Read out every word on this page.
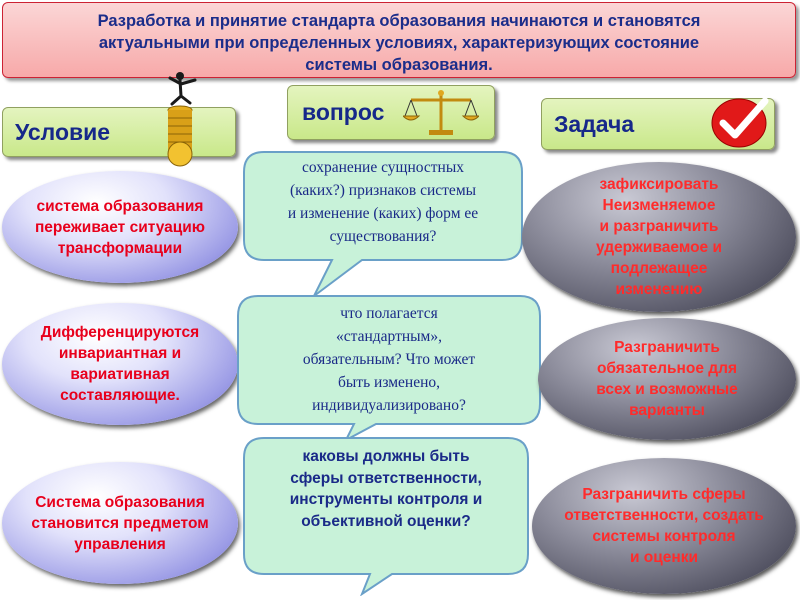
Разработка и принятие стандарта образования начинаются и становятся
актуальными при определенных условиях, характеризующих состояние
системы образования.
Условие
вопрос	Задача
система образования
переживает ситуацию
трансформации
Дифференцируются
инвариантная и
вариативная
составляющие.
Система образования
становится предметом
управления
сохранение сущностных
(каких?) признаков системы
и изменение (каких) форм ее
существования?
что полагается
«стандартным»,
обязательным? Что может
быть изменено,
индивидуализировано?
каковы должны быть
сферы ответственности,
инструменты контроля и
объективной оценки?
зафиксировать
Неизменяемое
и разграничить
удерживаемое и
подлежащее
изменению
Разграничить
обязательное для
всех и возможные
варианты
Разграничить сферы
ответственности, создать
системы контроля
и оценки
